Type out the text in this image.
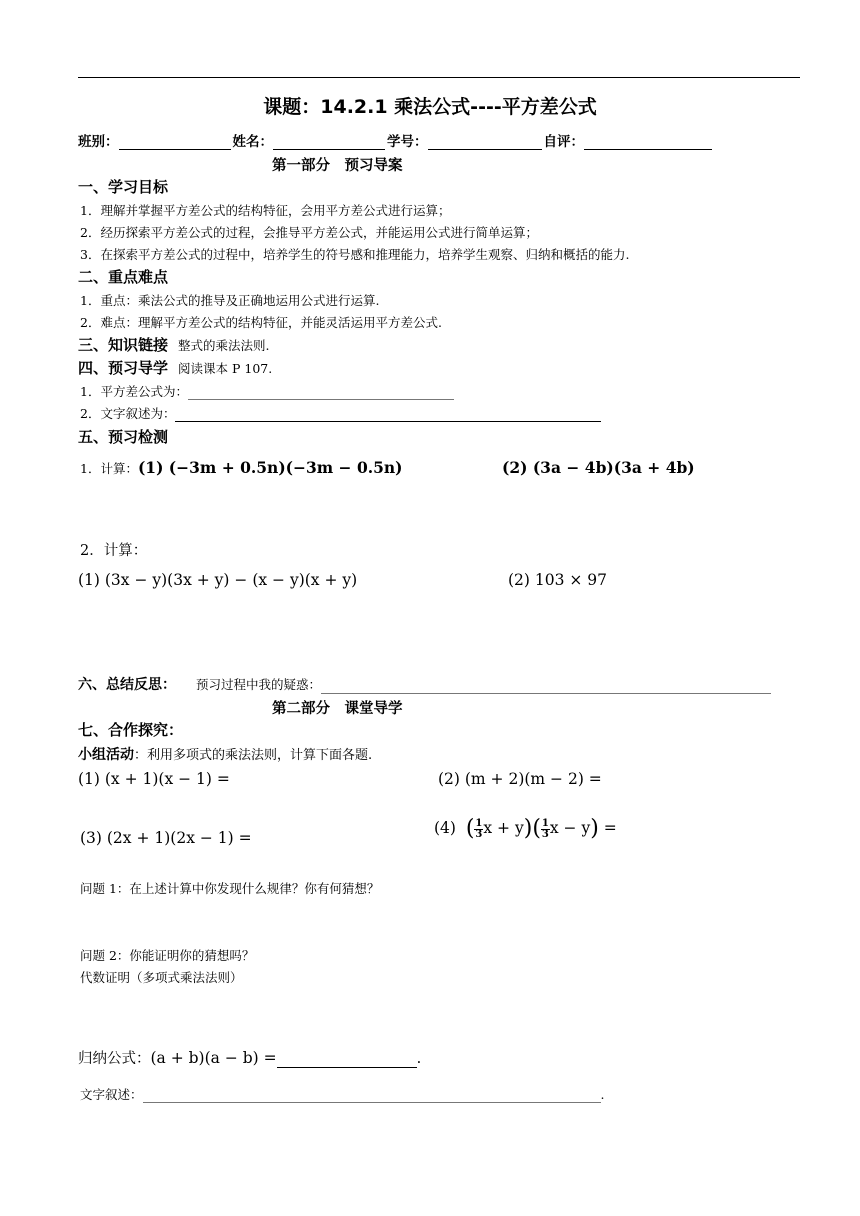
课题：14.2.1 乘法公式----平方差公式
班别：	姓名：	学号：	自评：
第一部分　预习导案
一、学习目标
1．理解并掌握平方差公式的结构特征，会用平方差公式进行运算；
2．经历探索平方差公式的过程，会推导平方差公式，并能运用公式进行简单运算；
3．在探索平方差公式的过程中，培养学生的符号感和推理能力，培养学生观察、归纳和概括的能力.
二、重点难点
1．重点：乘法公式的推导及正确地运用公式进行运算.
2．难点：理解平方差公式的结构特征，并能灵活运用平方差公式.
三、知识链接 整式的乘法法则.
四、预习导学 阅读课本 P 107.
1．平方差公式为：
2．文字叙述为：
五、预习检测
1．计算：(1) (−3m + 0.5n)(−3m − 0.5n)	(2) (3a − 4b)(3a + 4b)
2．计算：
(1) (3x − y)(3x + y) − (x − y)(x + y)	(2) 103 × 97
六、总结反思： 预习过程中我的疑惑：
第二部分　课堂导学
七、合作探究：
小组活动：利用多项式的乘法法则，计算下面各题.
(1) (x + 1)(x − 1) =	(2) (m + 2)(m − 2) =
(3) (2x + 1)(2x − 1) =
(4) ( $\frac{1}{3}$ $x + y)( \frac{1}{3}$ x − y) =
问题 1：在上述计算中你发现什么规律？你有何猜想？
问题 2：你能证明你的猜想吗？
代数证明（多项式乘法法则）
归纳公式：(a + b)(a − b) =	.
文字叙述：	.
